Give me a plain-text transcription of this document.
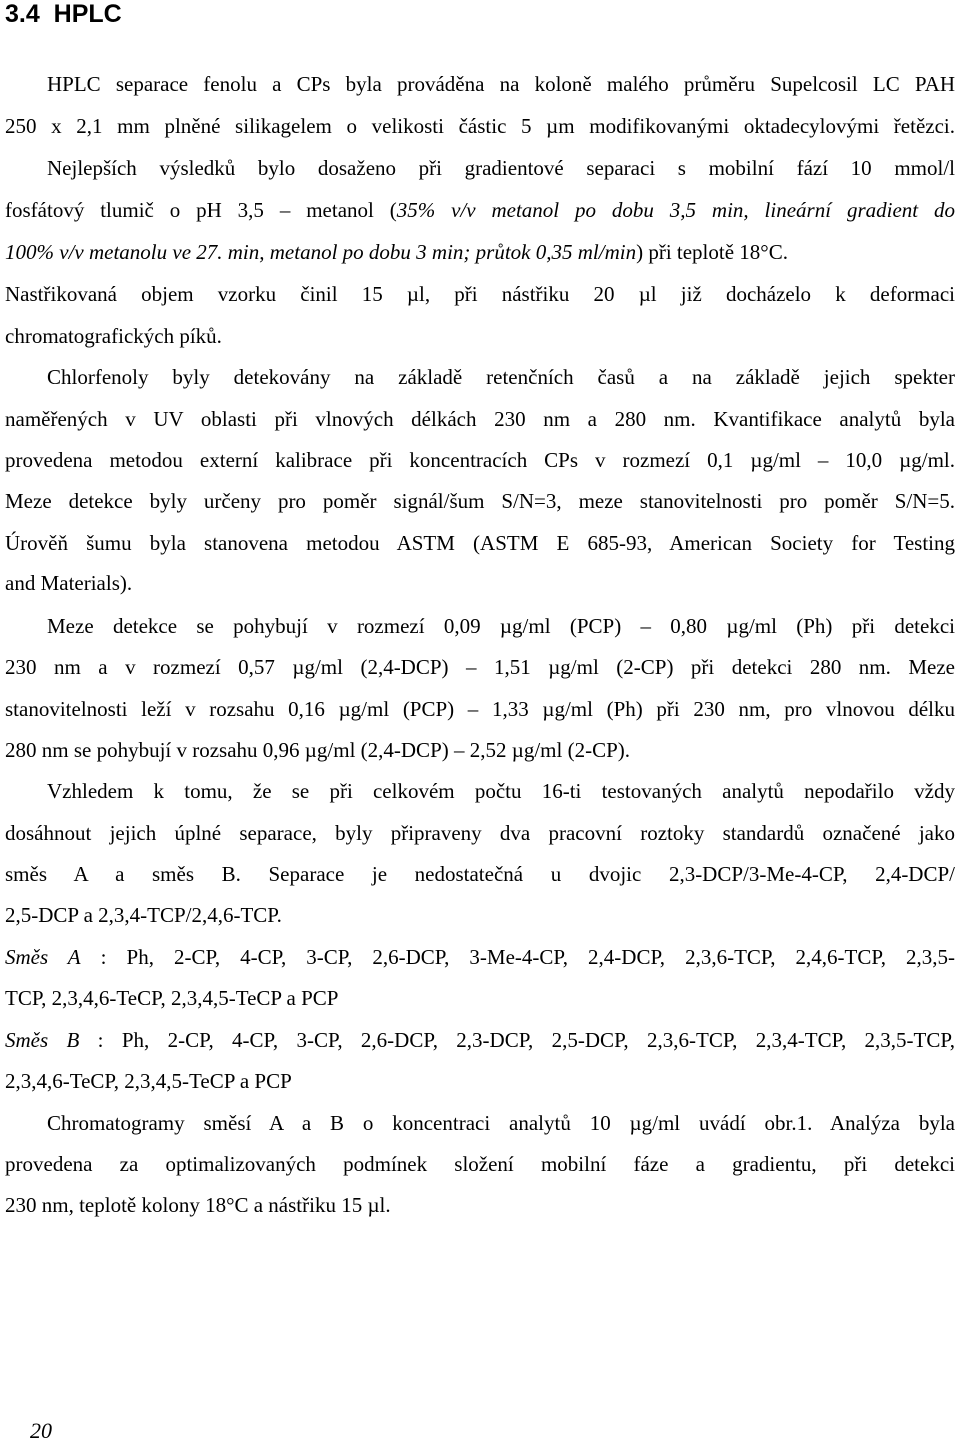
3.4 HPLC
HPLC separace fenolu a CPs byla prováděna na koloně malého průměru Supelcosil LC PAH
250 x 2,1 mm plněné silikagelem o velikosti částic 5 µm modifikovanými oktadecylovými řetězci.
Nejlepších výsledků bylo dosaženo při gradientové separaci s mobilní fází 10 mmol/l
fosfátový tlumič o pH 3,5 – metanol (35% v/v metanol po dobu 3,5 min, lineární gradient do
100% v/v metanolu ve 27. min, metanol po dobu 3 min; průtok 0,35 ml/min) při teplotě 18°C.
Nastřikovaná objem vzorku činil 15 µl, při nástřiku 20 µl již docházelo k deformaci
chromatografických píků.
Chlorfenoly byly detekovány na základě retenčních časů a na základě jejich spekter
naměřených v UV oblasti při vlnových délkách 230 nm a 280 nm. Kvantifikace analytů byla
provedena metodou externí kalibrace při koncentracích CPs v rozmezí 0,1 µg/ml – 10,0 µg/ml.
Meze detekce byly určeny pro poměr signál/šum S/N=3, meze stanovitelnosti pro poměr S/N=5.
Úrověň šumu byla stanovena metodou ASTM (ASTM E 685-93, American Society for Testing
and Materials).
Meze detekce se pohybují v rozmezí 0,09 µg/ml (PCP) – 0,80 µg/ml (Ph) při detekci
230 nm a v rozmezí 0,57 µg/ml (2,4-DCP) – 1,51 µg/ml (2-CP) při detekci 280 nm. Meze
stanovitelnosti leží v rozsahu 0,16 µg/ml (PCP) – 1,33 µg/ml (Ph) při 230 nm, pro vlnovou délku
280 nm se pohybují v rozsahu 0,96 µg/ml (2,4-DCP) – 2,52 µg/ml (2-CP).
Vzhledem k tomu, že se při celkovém počtu 16-ti testovaných analytů nepodařilo vždy
dosáhnout jejich úplné separace, byly připraveny dva pracovní roztoky standardů označené jako
směs A a směs B. Separace je nedostatečná u dvojic 2,3-DCP/3-Me-4-CP, 2,4-DCP/
2,5-DCP a 2,3,4-TCP/2,4,6-TCP.
Směs A : Ph, 2-CP, 4-CP, 3-CP, 2,6-DCP, 3-Me-4-CP, 2,4-DCP, 2,3,6-TCP, 2,4,6-TCP, 2,3,5-
TCP, 2,3,4,6-TeCP, 2,3,4,5-TeCP a PCP
Směs B : Ph, 2-CP, 4-CP, 3-CP, 2,6-DCP, 2,3-DCP, 2,5-DCP, 2,3,6-TCP, 2,3,4-TCP, 2,3,5-TCP,
2,3,4,6-TeCP, 2,3,4,5-TeCP a PCP
Chromatogramy směsí A a B o koncentraci analytů 10 µg/ml uvádí obr.1. Analýza byla
provedena za optimalizovaných podmínek složení mobilní fáze a gradientu, při detekci
230 nm, teplotě kolony 18°C a nástřiku 15 µl.
20
